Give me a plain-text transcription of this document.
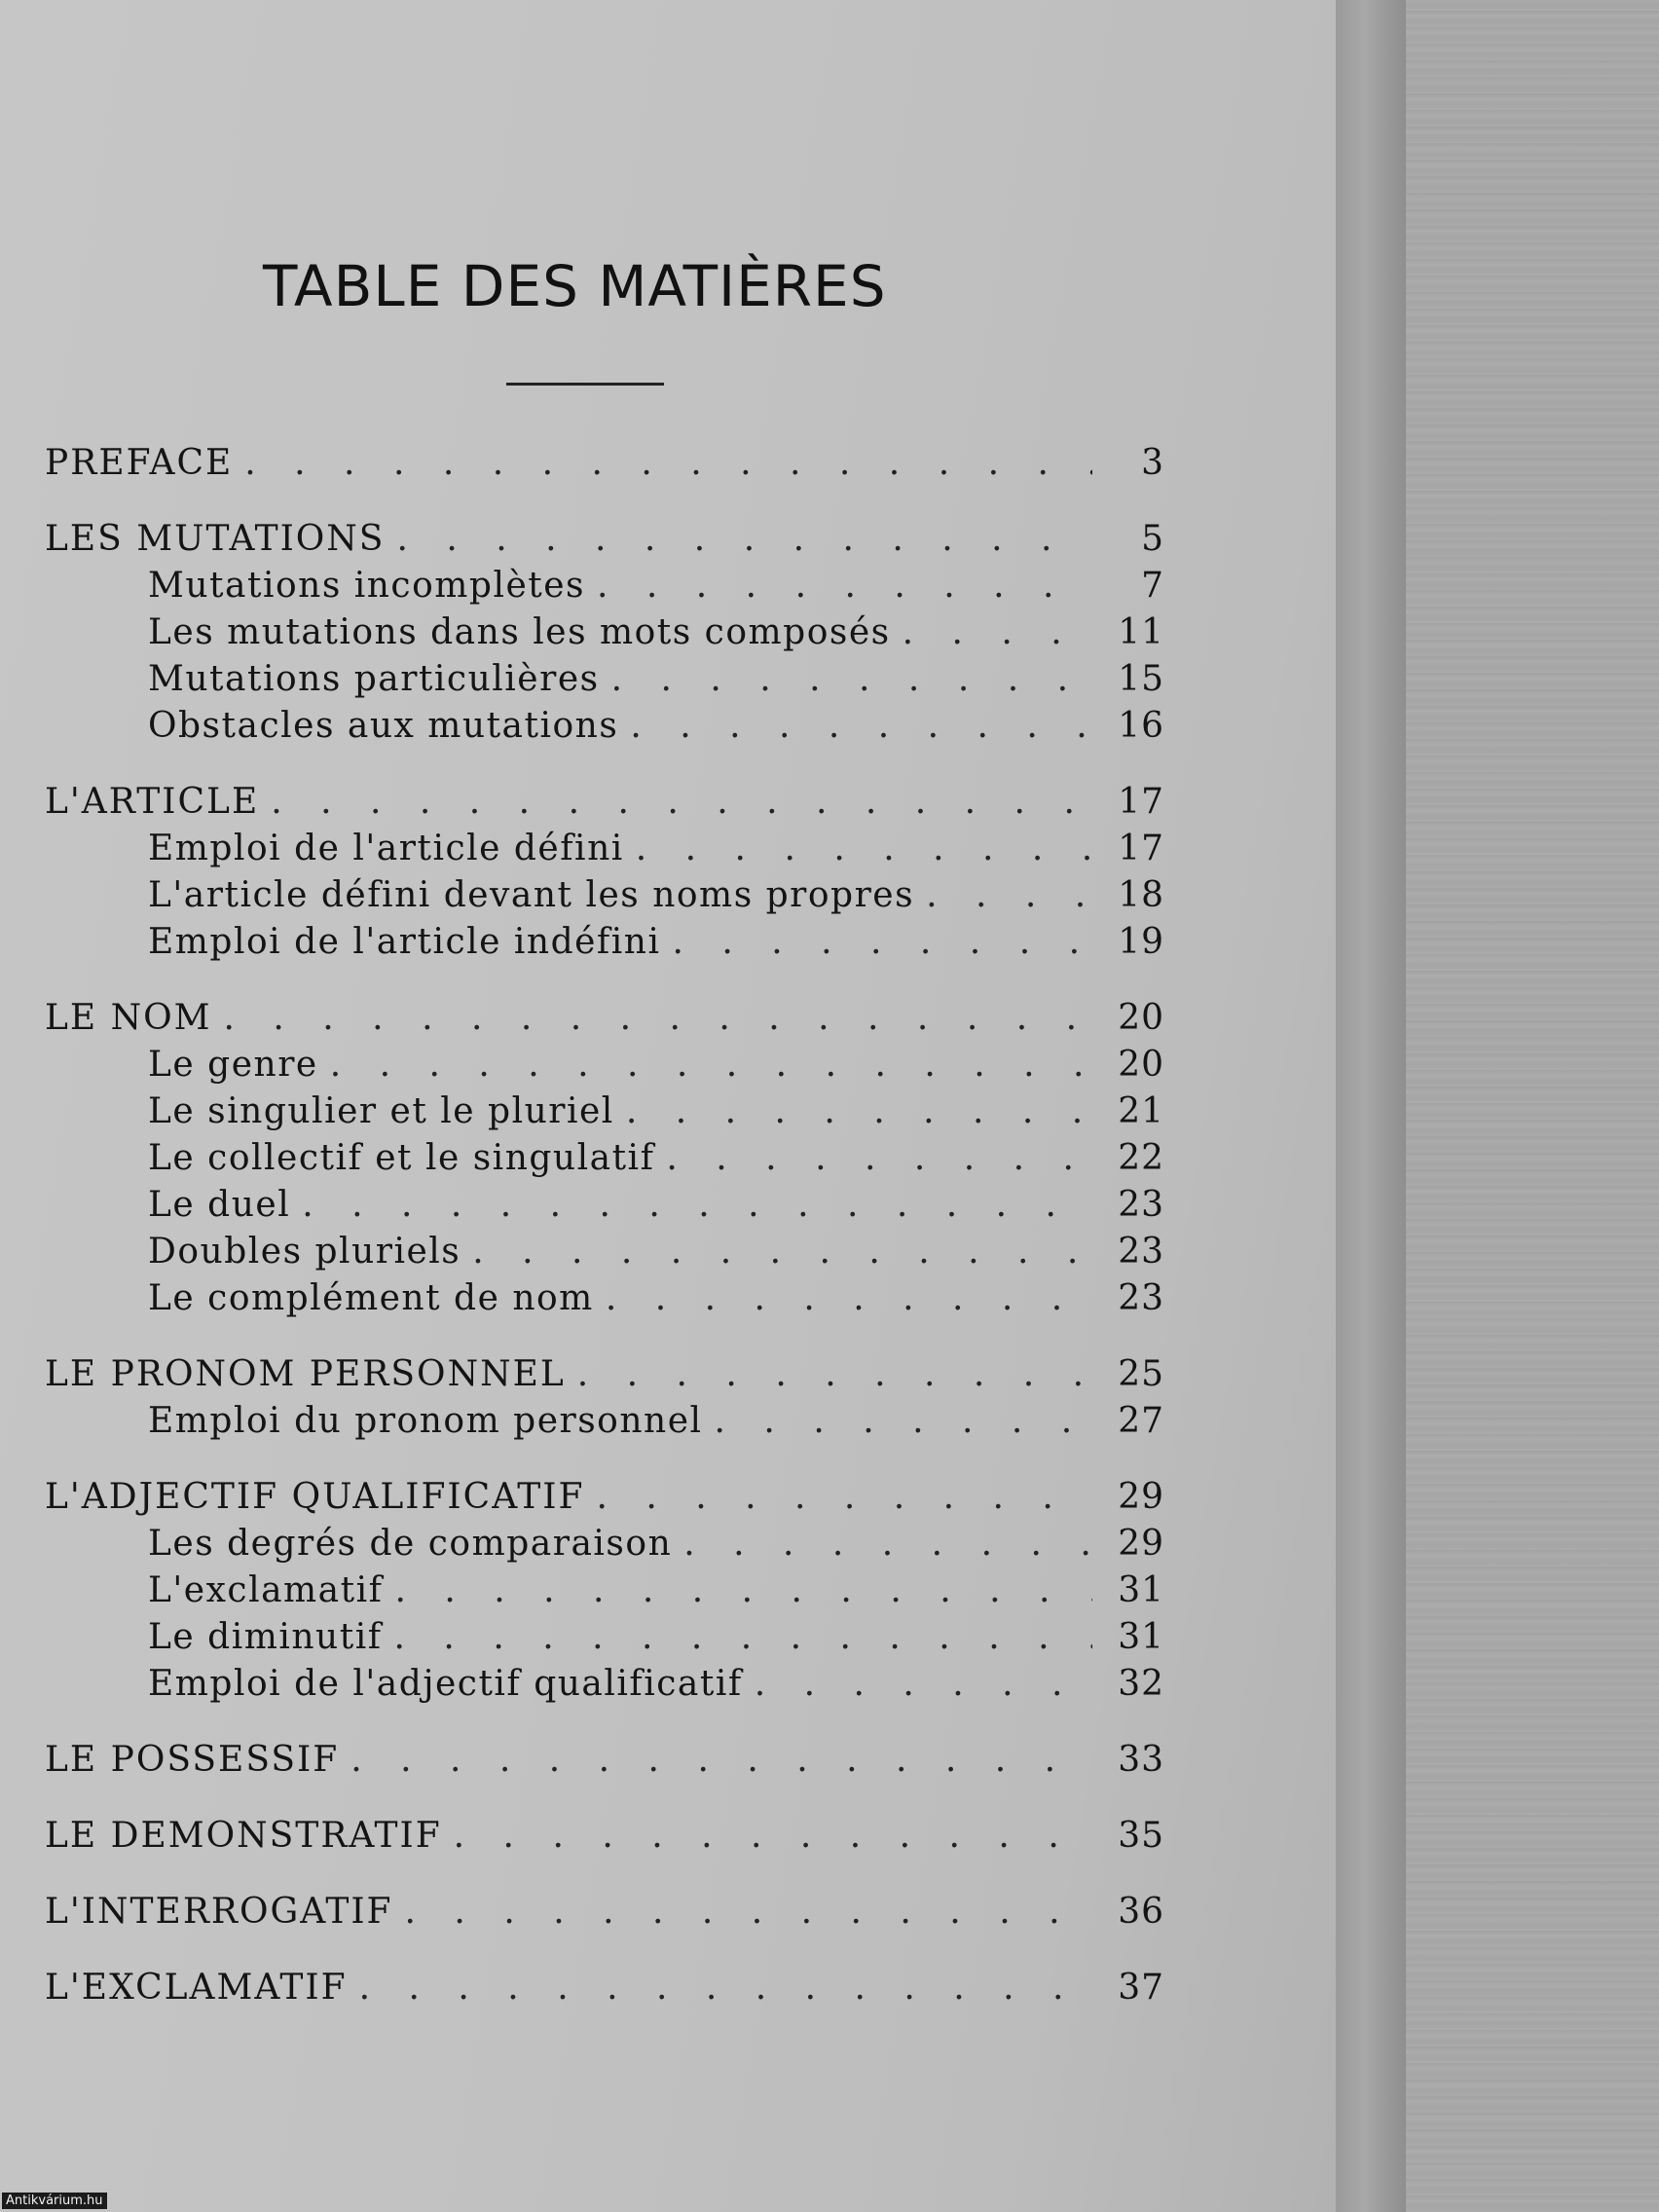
TABLE DES MATIÈRES
PREFACE . . .	3
LES MUTATIONS . . .	5
Mutations incomplètes . . .	7
Les mutations dans les mots composés . . .	11
Mutations particulières . . .	15
Obstacles aux mutations . . .	16
L'ARTICLE . . .	17
Emploi de l'article défini . . .	17
L'article défini devant les noms propres . . .	18
Emploi de l'article indéfini . . .	19
LE NOM . . .	20
Le genre . . .	20
Le singulier et le pluriel . . .	21
Le collectif et le singulatif . . .	22
Le duel . . .	23
Doubles pluriels . . .	23
Le complément de nom . . .	23
LE PRONOM PERSONNEL . . .	25
Emploi du pronom personnel . . .	27
L'ADJECTIF QUALIFICATIF . . .	29
Les degrés de comparaison . . .	29
L'exclamatif . . .	31
Le diminutif . . .	31
Emploi de l'adjectif qualificatif . . .	32
LE POSSESSIF . . .	33
LE DEMONSTRATIF . . .	35
L'INTERROGATIF . . .	36
L'EXCLAMATIF . . .	37
Antikvárium.hu
